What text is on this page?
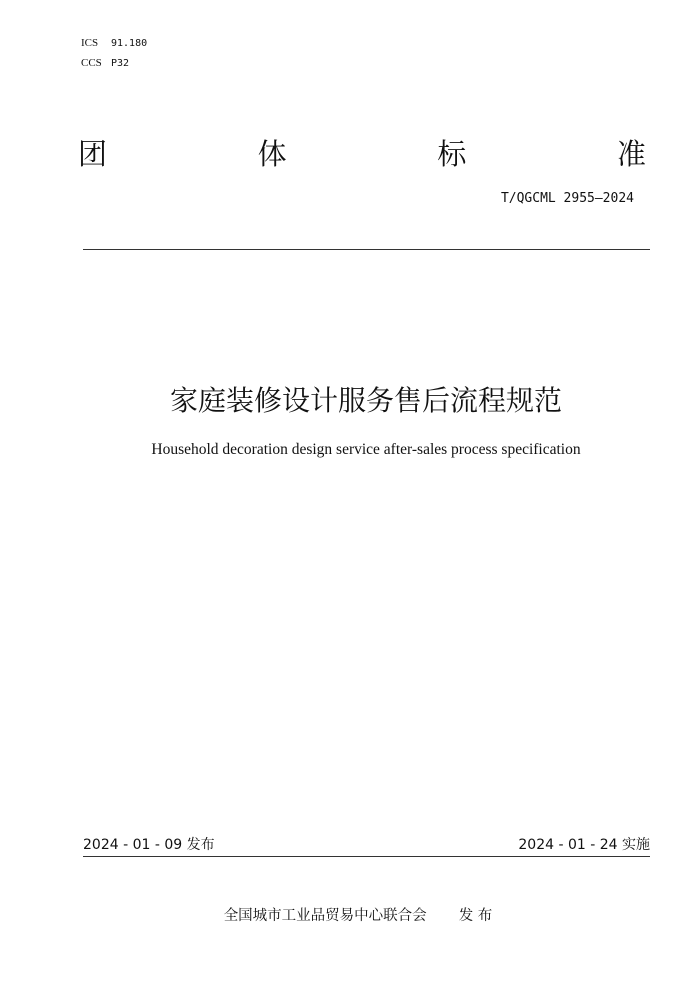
ICS 91.180
CCS P32
团	体	标	准
T/QGCML 2955—2024
家庭装修设计服务售后流程规范
Household decoration design service after-sales process specification
2024 - 01 - 09 发布	2024 - 01 - 24 实施
全国城市工业品贸易中心联合会 发 布
